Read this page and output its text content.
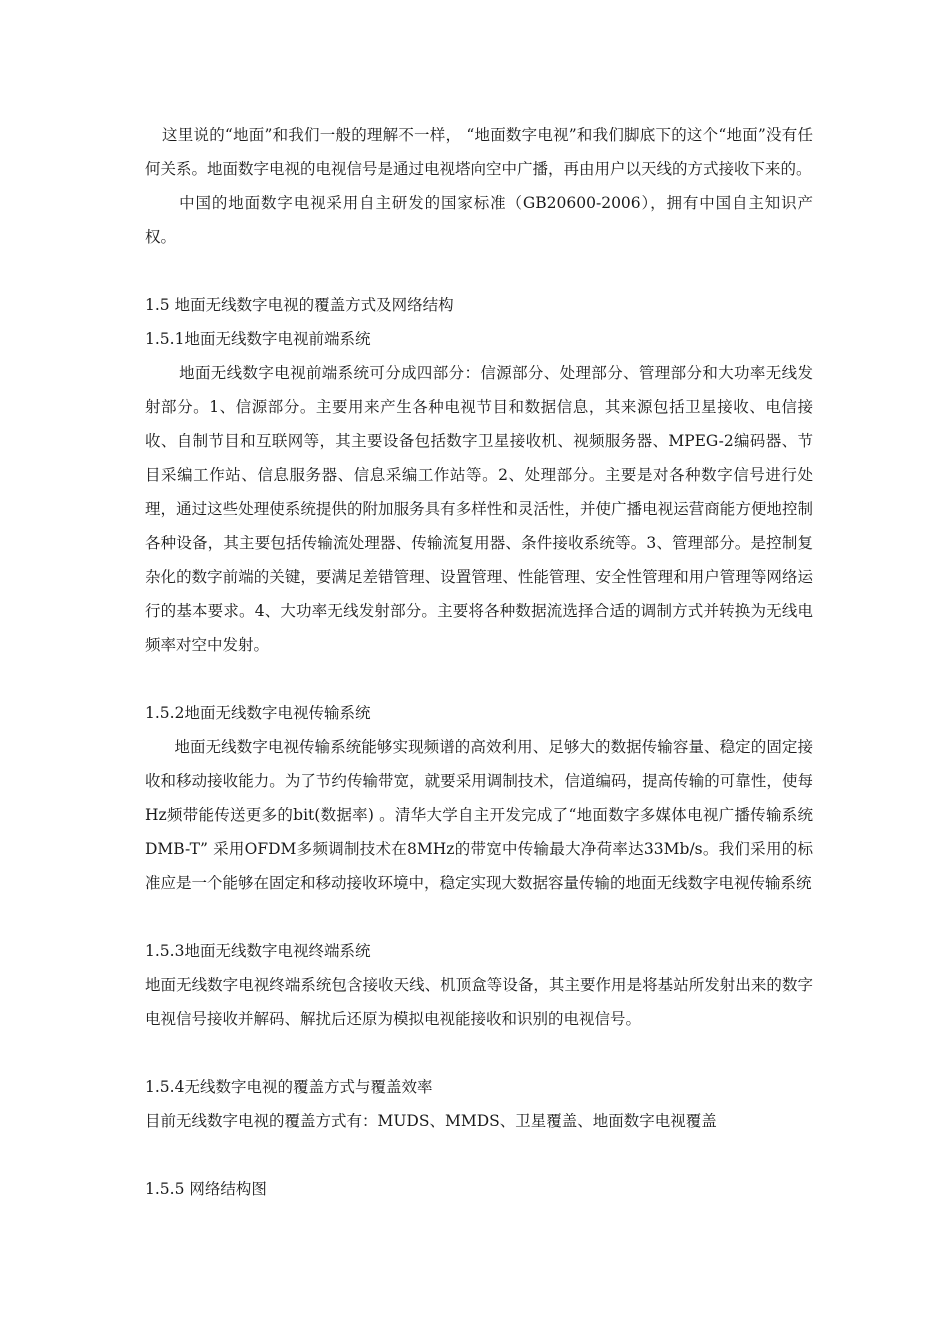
这里说的“地面”和我们一般的理解不一样， “地面数字电视”和我们脚底下的这个“地面”没有任何关系。地面数字电视的电视信号是通过电视塔向空中广播，再由用户以天线的方式接收下来的。

中国的地面数字电视采用自主研发的国家标准（GB20600-2006），拥有中国自主知识产权。

1.5 地面无线数字电视的覆盖方式及网络结构

1.5.1地面无线数字电视前端系统

地面无线数字电视前端系统可分成四部分：信源部分、处理部分、管理部分和大功率无线发射部分。1、信源部分。主要用来产生各种电视节目和数据信息，其来源包括卫星接收、电信接收、自制节目和互联网等，其主要设备包括数字卫星接收机、视频服务器、MPEG-2编码器、节目采编工作站、信息服务器、信息采编工作站等。2、处理部分。主要是对各种数字信号进行处理，通过这些处理使系统提供的附加服务具有多样性和灵活性，并使广播电视运营商能方便地控制各种设备，其主要包括传输流处理器、传输流复用器、条件接收系统等。3、管理部分。是控制复杂化的数字前端的关键，要满足差错管理、设置管理、性能管理、安全性管理和用户管理等网络运行的基本要求。4、大功率无线发射部分。主要将各种数据流选择合适的调制方式并转换为无线电频率对空中发射。

1.5.2地面无线数字电视传输系统

地面无线数字电视传输系统能够实现频谱的高效利用、足够大的数据传输容量、稳定的固定接收和移动接收能力。为了节约传输带宽，就要采用调制技术，信道编码，提高传输的可靠性，使每Hz频带能传送更多的bit(数据率) 。清华大学自主开发完成了“地面数字多媒体电视广播传输系统DMB-T” 采用OFDM多频调制技术在8MHz的带宽中传输最大净荷率达33Mb/s。我们采用的标准应是一个能够在固定和移动接收环境中，稳定实现大数据容量传输的地面无线数字电视传输系统

1.5.3地面无线数字电视终端系统

地面无线数字电视终端系统包含接收天线、机顶盒等设备，其主要作用是将基站所发射出来的数字电视信号接收并解码、解扰后还原为模拟电视能接收和识别的电视信号。

1.5.4无线数字电视的覆盖方式与覆盖效率

目前无线数字电视的覆盖方式有：MUDS、MMDS、卫星覆盖、地面数字电视覆盖

1.5.5 网络结构图
